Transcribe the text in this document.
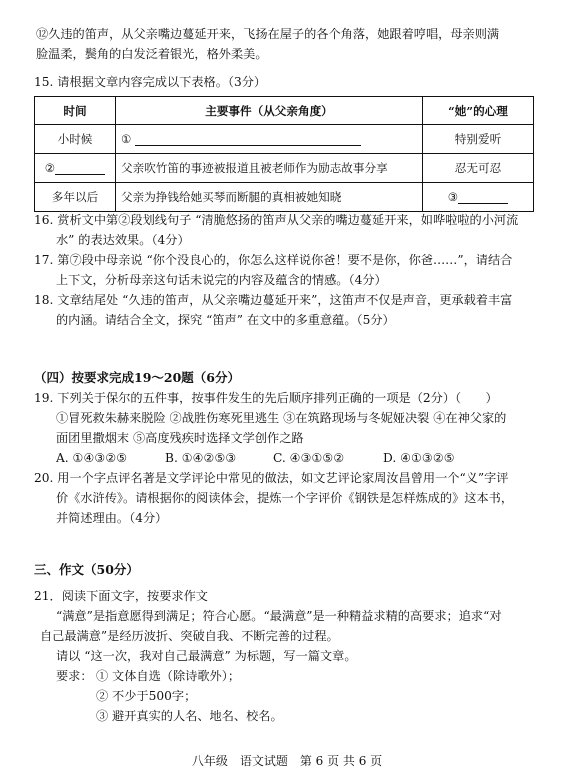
⑫久违的笛声，从父亲嘴边蔓延开来，飞扬在屋子的各个角落，她跟着哼唱，母亲则满
脸温柔，鬓角的白发泛着银光，格外柔美。
15. 请根据文章内容完成以下表格。（3分）
时间	主要事件（从父亲角度）	“她”的心理
小时候	①	特别爱听
②	父亲吹竹笛的事迹被报道且被老师作为励志故事分享	忍无可忍
多年以后	父亲为挣钱给她买琴而断腿的真相被她知晓	③
16. 赏析文中第②段划线句子 “清脆悠扬的笛声从父亲的嘴边蔓延开来，如哗啦啦的小河流
水” 的表达效果。（4分）
17. 第⑦段中母亲说 “你个没良心的，你怎么这样说你爸！要不是你，你爸……”，请结合
上下文，分析母亲这句话未说完的内容及蕴含的情感。（4分）
18. 文章结尾处 “久违的笛声，从父亲嘴边蔓延开来”，这笛声不仅是声音，更承载着丰富
的内涵。请结合全文，探究 “笛声” 在文中的多重意蕴。（5分）
（四）按要求完成19～20题（6分）
19. 下列关于保尔的五件事，按事件发生的先后顺序排列正确的一项是（2分）（　　）
①冒死救朱赫来脱险 ②战胜伤寒死里逃生 ③在筑路现场与冬妮娅决裂 ④在神父家的
面团里撒烟末 ⑤高度残疾时选择文学创作之路
A. ①④③②⑤	B. ①④②⑤③	C. ④③①⑤②	D. ④①③②⑤
20. 用一个字点评名著是文学评论中常见的做法，如文艺评论家周汝昌曾用一个“义”字评
价《水浒传》。请根据你的阅读体会，提炼一个字评价《钢铁是怎样炼成的》这本书，
并简述理由。（4分）
三、作文（50分）
21．阅读下面文字，按要求作文
“满意”是指意愿得到满足；符合心愿。“最满意”是一种精益求精的高要求；追求“对
自己最满意”是经历波折、突破自我、不断完善的过程。
请以 “这一次，我对自己最满意” 为标题，写一篇文章。
要求： ① 文体自选（除诗歌外）；
② 不少于500字；
③ 避开真实的人名、地名、校名。
八年级　语文试题　第 6 页 共 6 页
